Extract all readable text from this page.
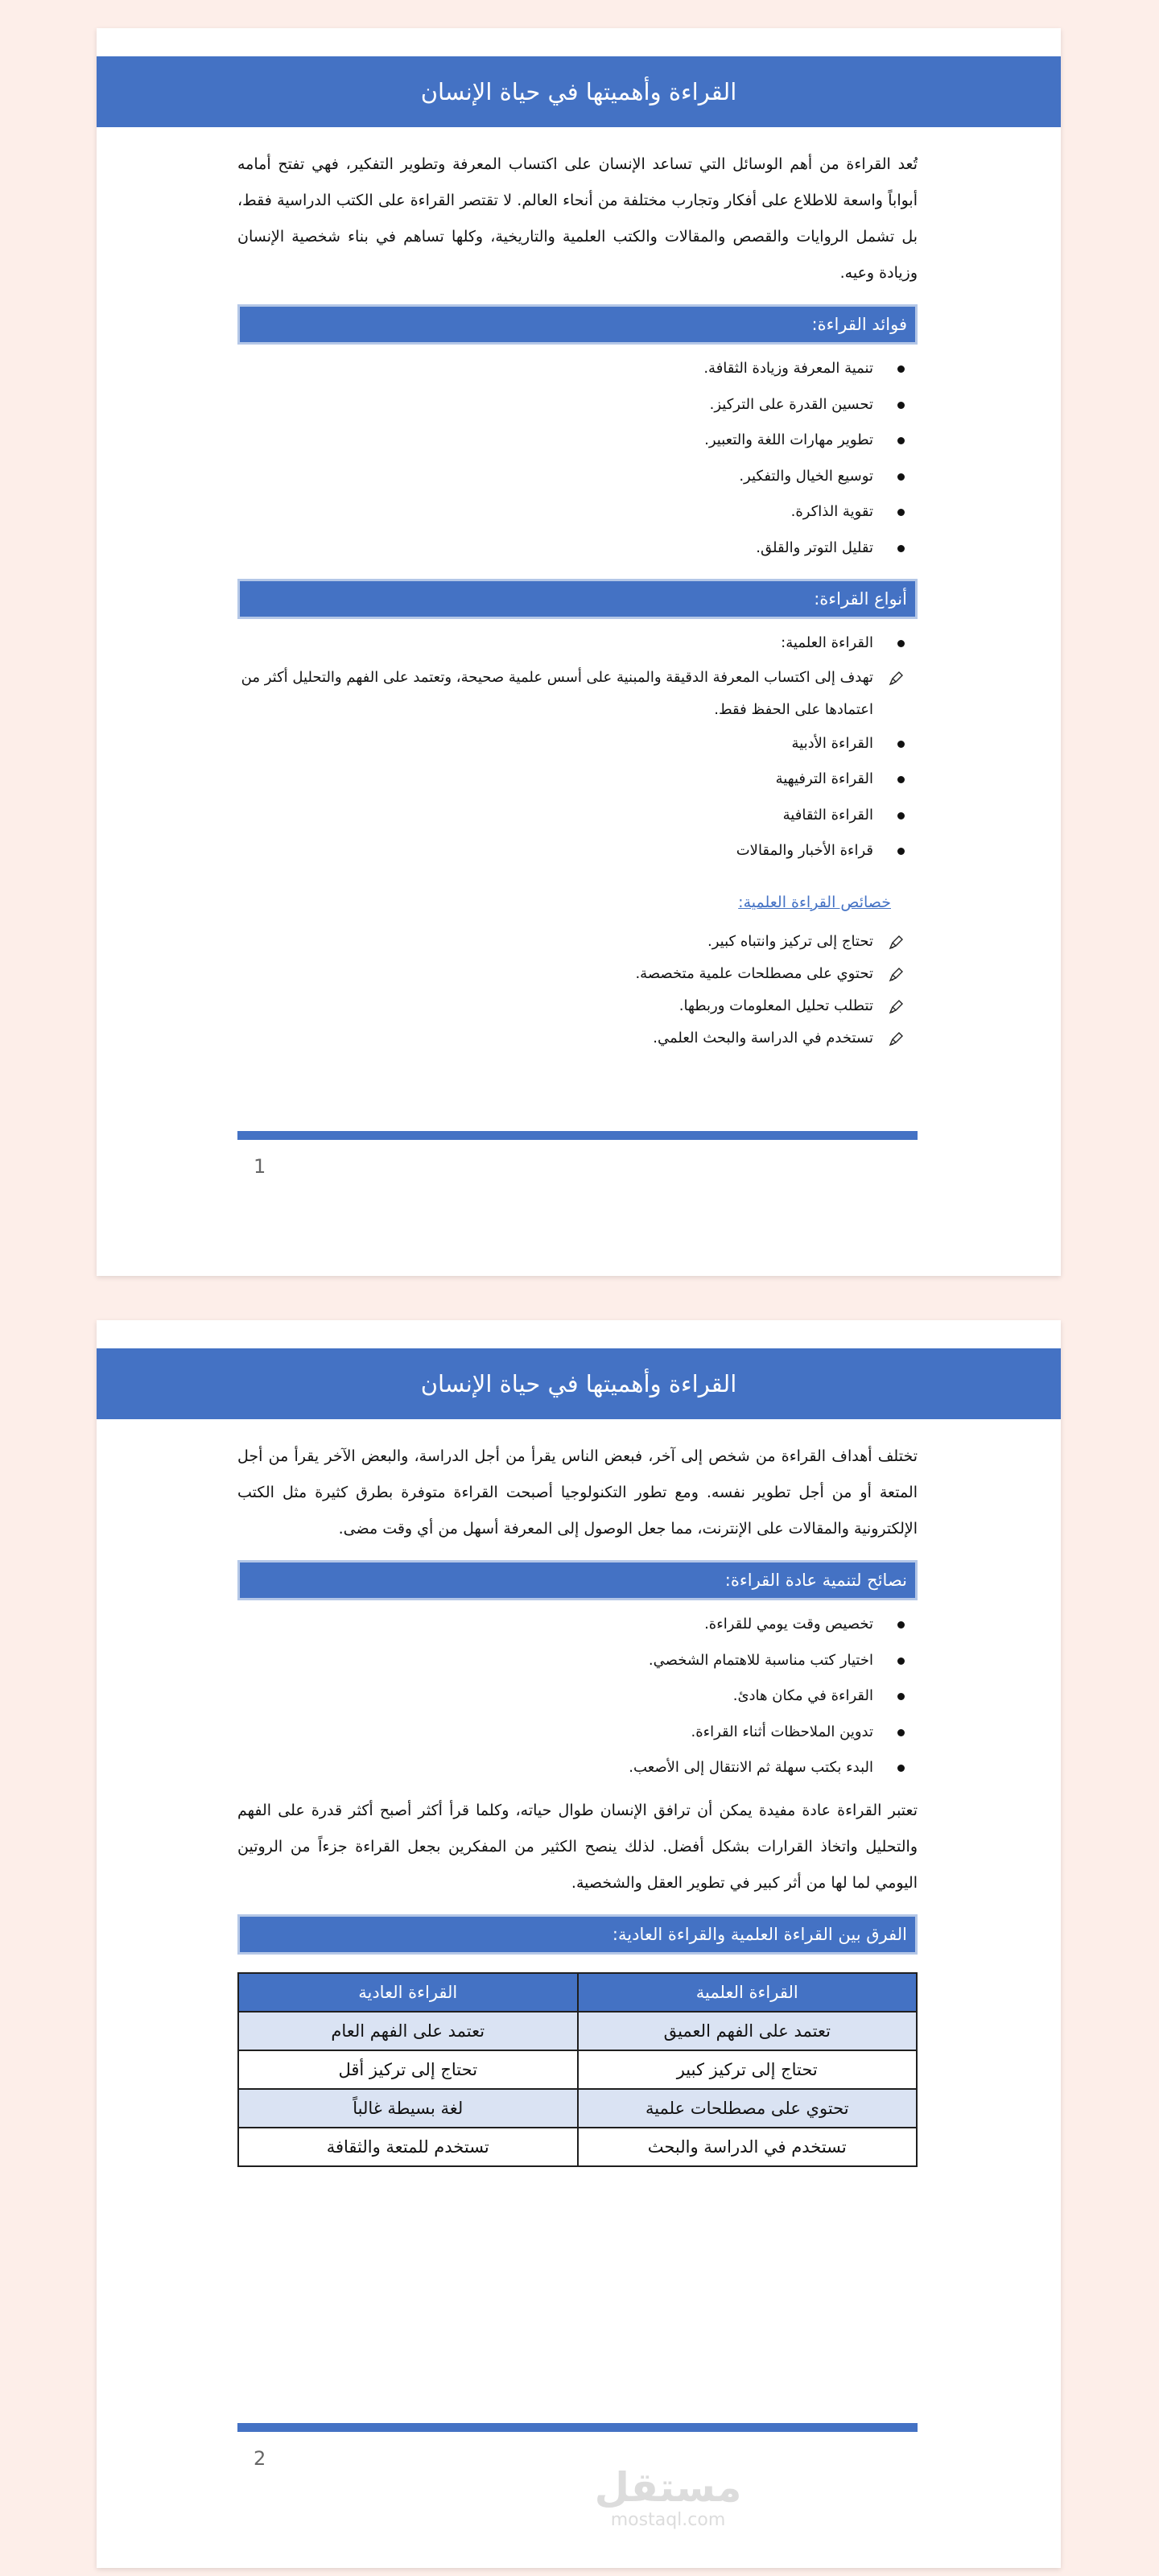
القراءة وأهميتها في حياة الإنسان

تُعد القراءة من أهم الوسائل التي تساعد الإنسان على اكتساب المعرفة وتطوير التفكير، فهي تفتح أمامه أبواباً واسعة للاطلاع على أفكار وتجارب مختلفة من أنحاء العالم. لا تقتصر القراءة على الكتب الدراسية فقط، بل تشمل الروايات والقصص والمقالات والكتب العلمية والتاريخية، وكلها تساهم في بناء شخصية الإنسان وزيادة وعيه.

فوائد القراءة:
تنمية المعرفة وزيادة الثقافة.
تحسين القدرة على التركيز.
تطوير مهارات اللغة والتعبير.
توسيع الخيال والتفكير.
تقوية الذاكرة.
تقليل التوتر والقلق.
أنواع القراءة:
القراءة العلمية:
تهدف إلى اكتساب المعرفة الدقيقة والمبنية على أسس علمية صحيحة، وتعتمد على الفهم والتحليل أكثر من اعتمادها على الحفظ فقط.
القراءة الأدبية
القراءة الترفيهية
القراءة الثقافية
قراءة الأخبار والمقالات
خصائص القراءة العلمية:
تحتاج إلى تركيز وانتباه كبير.
تحتوي على مصطلحات علمية متخصصة.
تتطلب تحليل المعلومات وربطها.
تستخدم في الدراسة والبحث العلمي.
1
القراءة وأهميتها في حياة الإنسان

تختلف أهداف القراءة من شخص إلى آخر، فبعض الناس يقرأ من أجل الدراسة، والبعض الآخر يقرأ من أجل المتعة أو من أجل تطوير نفسه. ومع تطور التكنولوجيا أصبحت القراءة متوفرة بطرق كثيرة مثل الكتب الإلكترونية والمقالات على الإنترنت، مما جعل الوصول إلى المعرفة أسهل من أي وقت مضى.

نصائح لتنمية عادة القراءة:
تخصيص وقت يومي للقراءة.
اختيار كتب مناسبة للاهتمام الشخصي.
القراءة في مكان هادئ.
تدوين الملاحظات أثناء القراءة.
البدء بكتب سهلة ثم الانتقال إلى الأصعب.

تعتبر القراءة عادة مفيدة يمكن أن ترافق الإنسان طوال حياته، وكلما قرأ أكثر أصبح أكثر قدرة على الفهم والتحليل واتخاذ القرارات بشكل أفضل. لذلك ينصح الكثير من المفكرين بجعل القراءة جزءاً من الروتين اليومي لما لها من أثر كبير في تطوير العقل والشخصية.

الفرق بين القراءة العلمية والقراءة العادية:
القراءة العلمية	القراءة العادية
تعتمد على الفهم العميق	تعتمد على الفهم العام
تحتاج إلى تركيز كبير	تحتاج إلى تركيز أقل
تحتوي على مصطلحات علمية	لغة بسيطة غالباً
تستخدم في الدراسة والبحث	تستخدم للمتعة والثقافة
2
مستقل
mostaql.com
